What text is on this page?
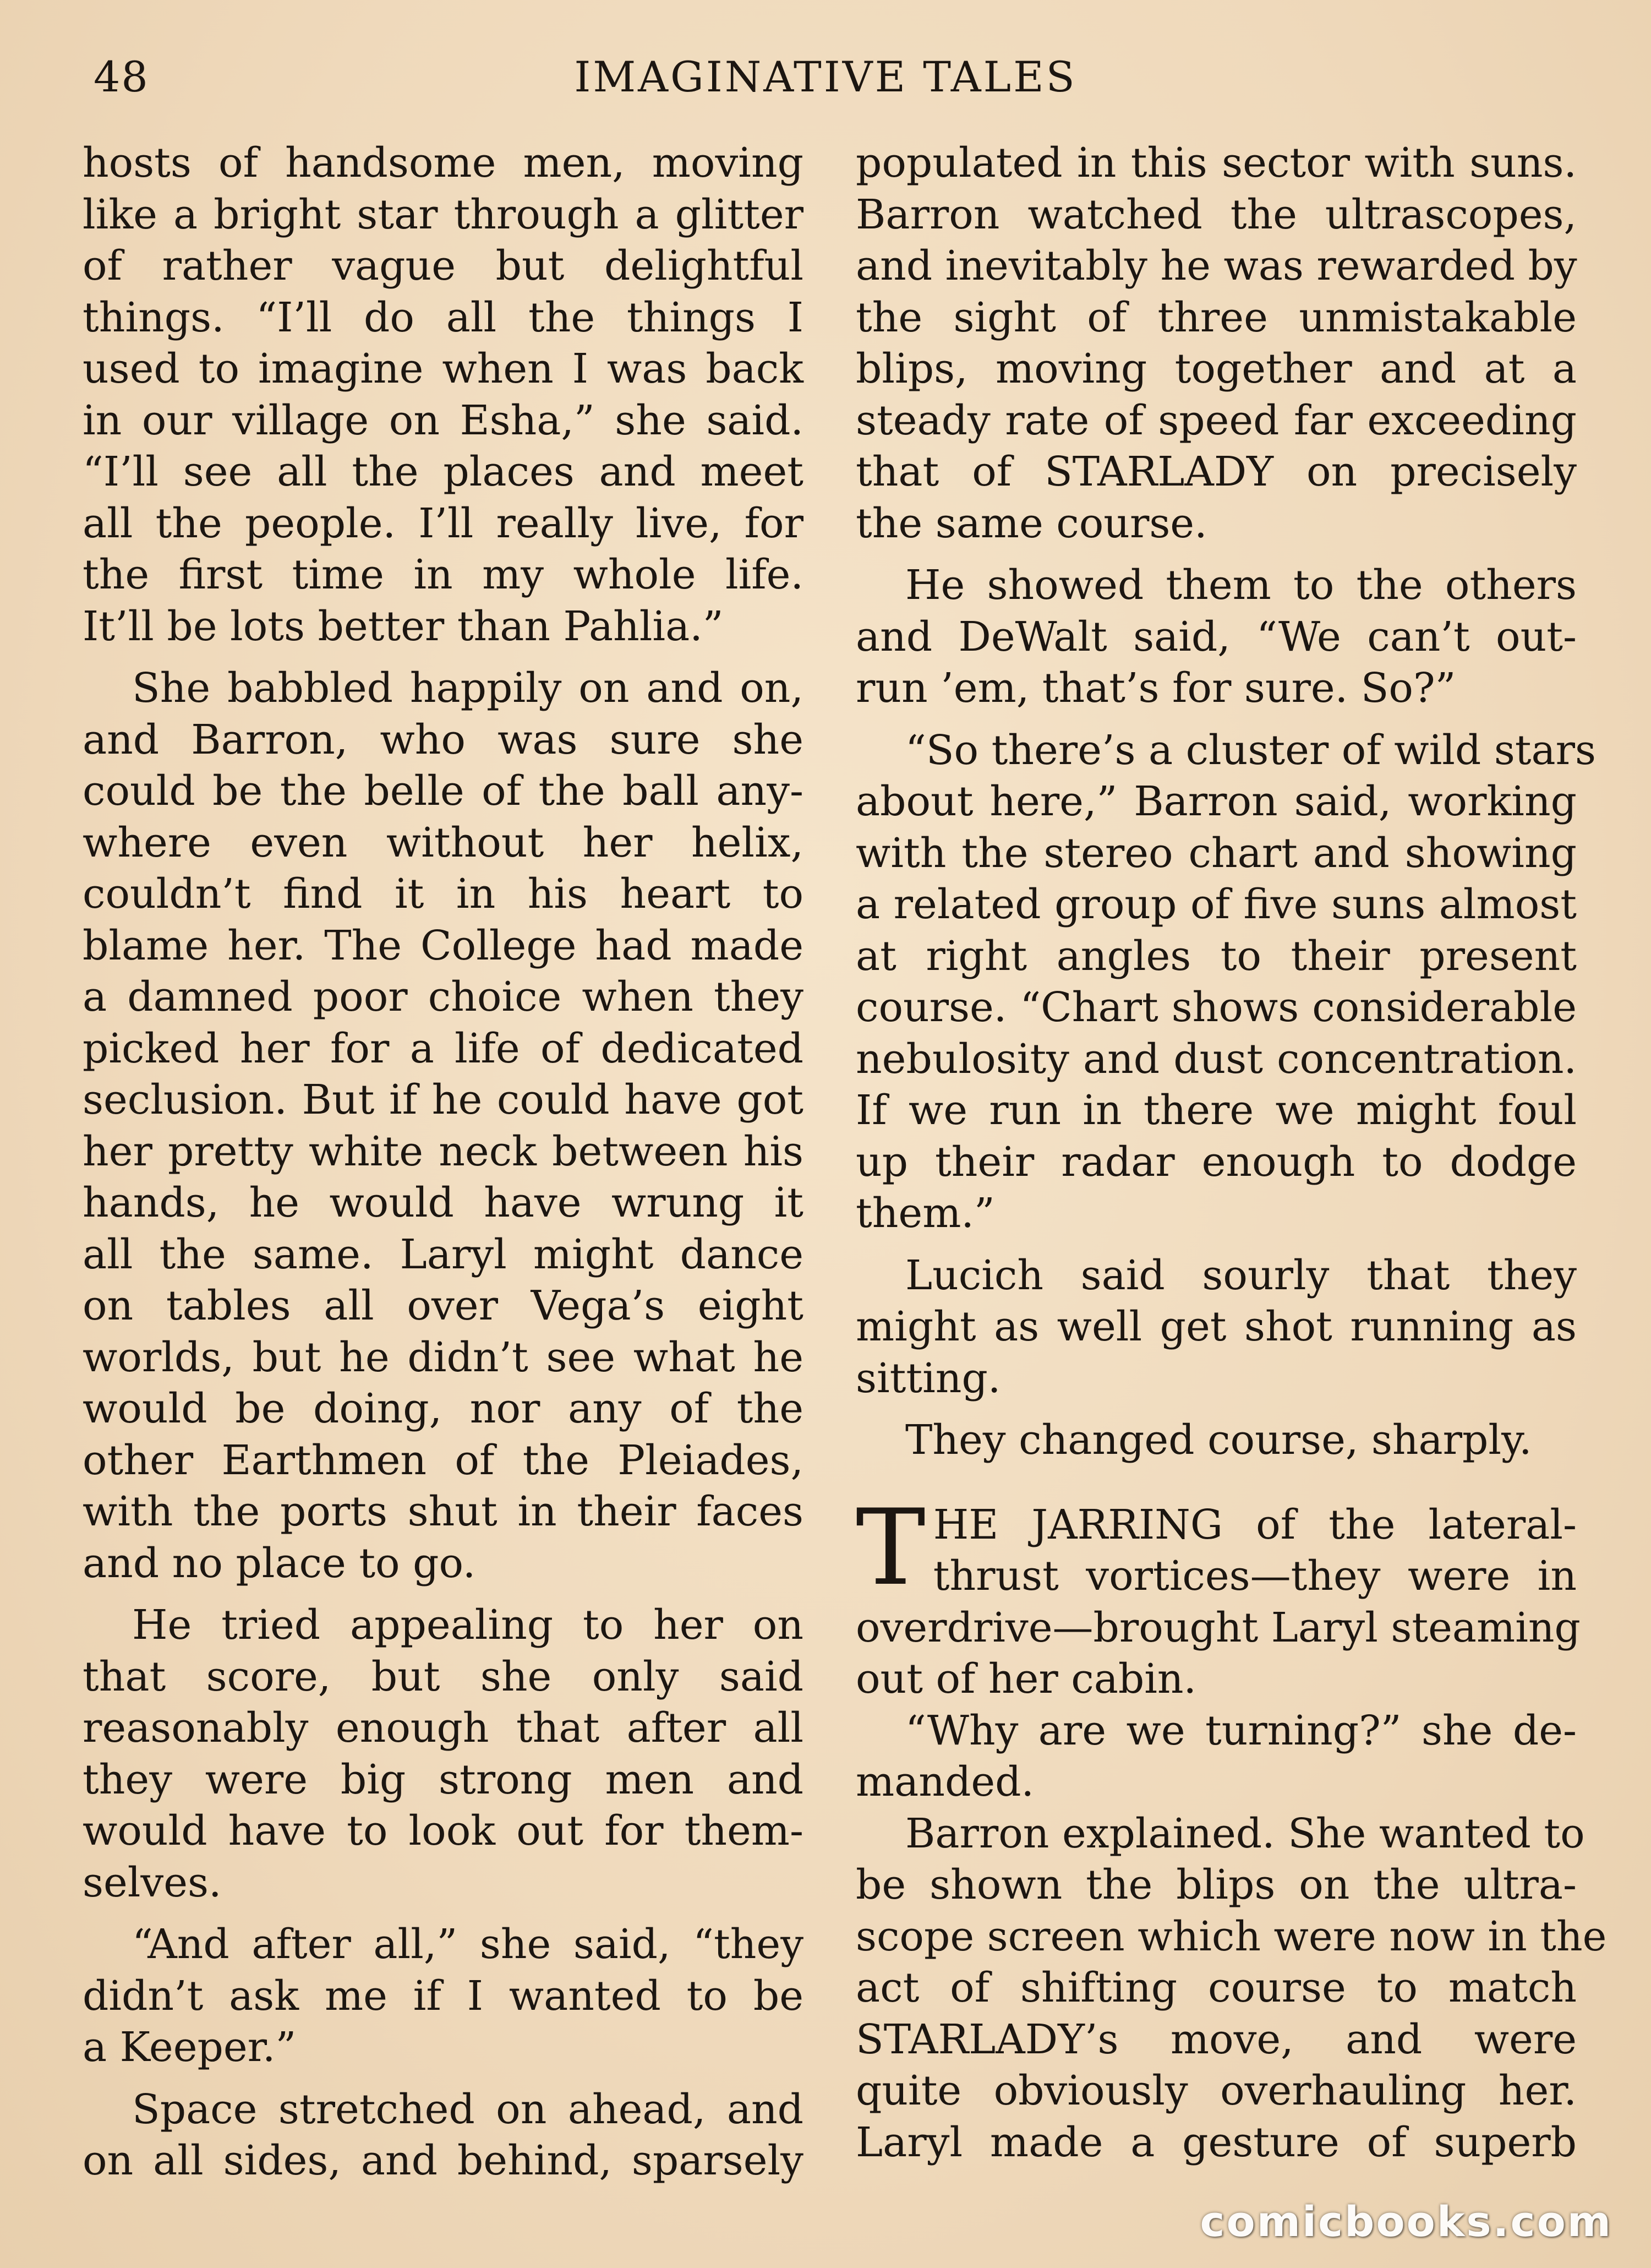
48	IMAGINATIVE TALES
hosts of handsome men, moving
like a bright star through a glitter
of rather vague but delightful
things. “I’ll do all the things I
used to imagine when I was back
in our village on Esha,” she said.
“I’ll see all the places and meet
all the people. I’ll really live, for
the first time in my whole life.
It’ll be lots better than Pahlia.”
She babbled happily on and on,
and Barron, who was sure she
could be the belle of the ball any-
where even without her helix,
couldn’t find it in his heart to
blame her. The College had made
a damned poor choice when they
picked her for a life of dedicated
seclusion. But if he could have got
her pretty white neck between his
hands, he would have wrung it
all the same. Laryl might dance
on tables all over Vega’s eight
worlds, but he didn’t see what he
would be doing, nor any of the
other Earthmen of the Pleiades,
with the ports shut in their faces
and no place to go.
He tried appealing to her on
that score, but she only said
reasonably enough that after all
they were big strong men and
would have to look out for them-
selves.
“And after all,” she said, “they
didn’t ask me if I wanted to be
a Keeper.”
Space stretched on ahead, and
on all sides, and behind, sparsely
populated in this sector with suns.
Barron watched the ultrascopes,
and inevitably he was rewarded by
the sight of three unmistakable
blips, moving together and at a
steady rate of speed far exceeding
that of STARLADY on precisely
the same course.
He showed them to the others
and DeWalt said, “We can’t out-
run ’em, that’s for sure. So?”
“So there’s a cluster of wild stars
about here,” Barron said, working
with the stereo chart and showing
a related group of five suns almost
at right angles to their present
course. “Chart shows considerable
nebulosity and dust concentration.
If we run in there we might foul
up their radar enough to dodge
them.”
Lucich said sourly that they
might as well get shot running as
sitting.
They changed course, sharply.
T HE JARRING of the lateral-
thrust vortices—they were in
overdrive—brought Laryl steaming
out of her cabin.
“Why are we turning?” she de-
manded.
Barron explained. She wanted to
be shown the blips on the ultra-
scope screen which were now in the
act of shifting course to match
STARLADY’s move, and were
quite obviously overhauling her.
Laryl made a gesture of superb
comicbooks.com
